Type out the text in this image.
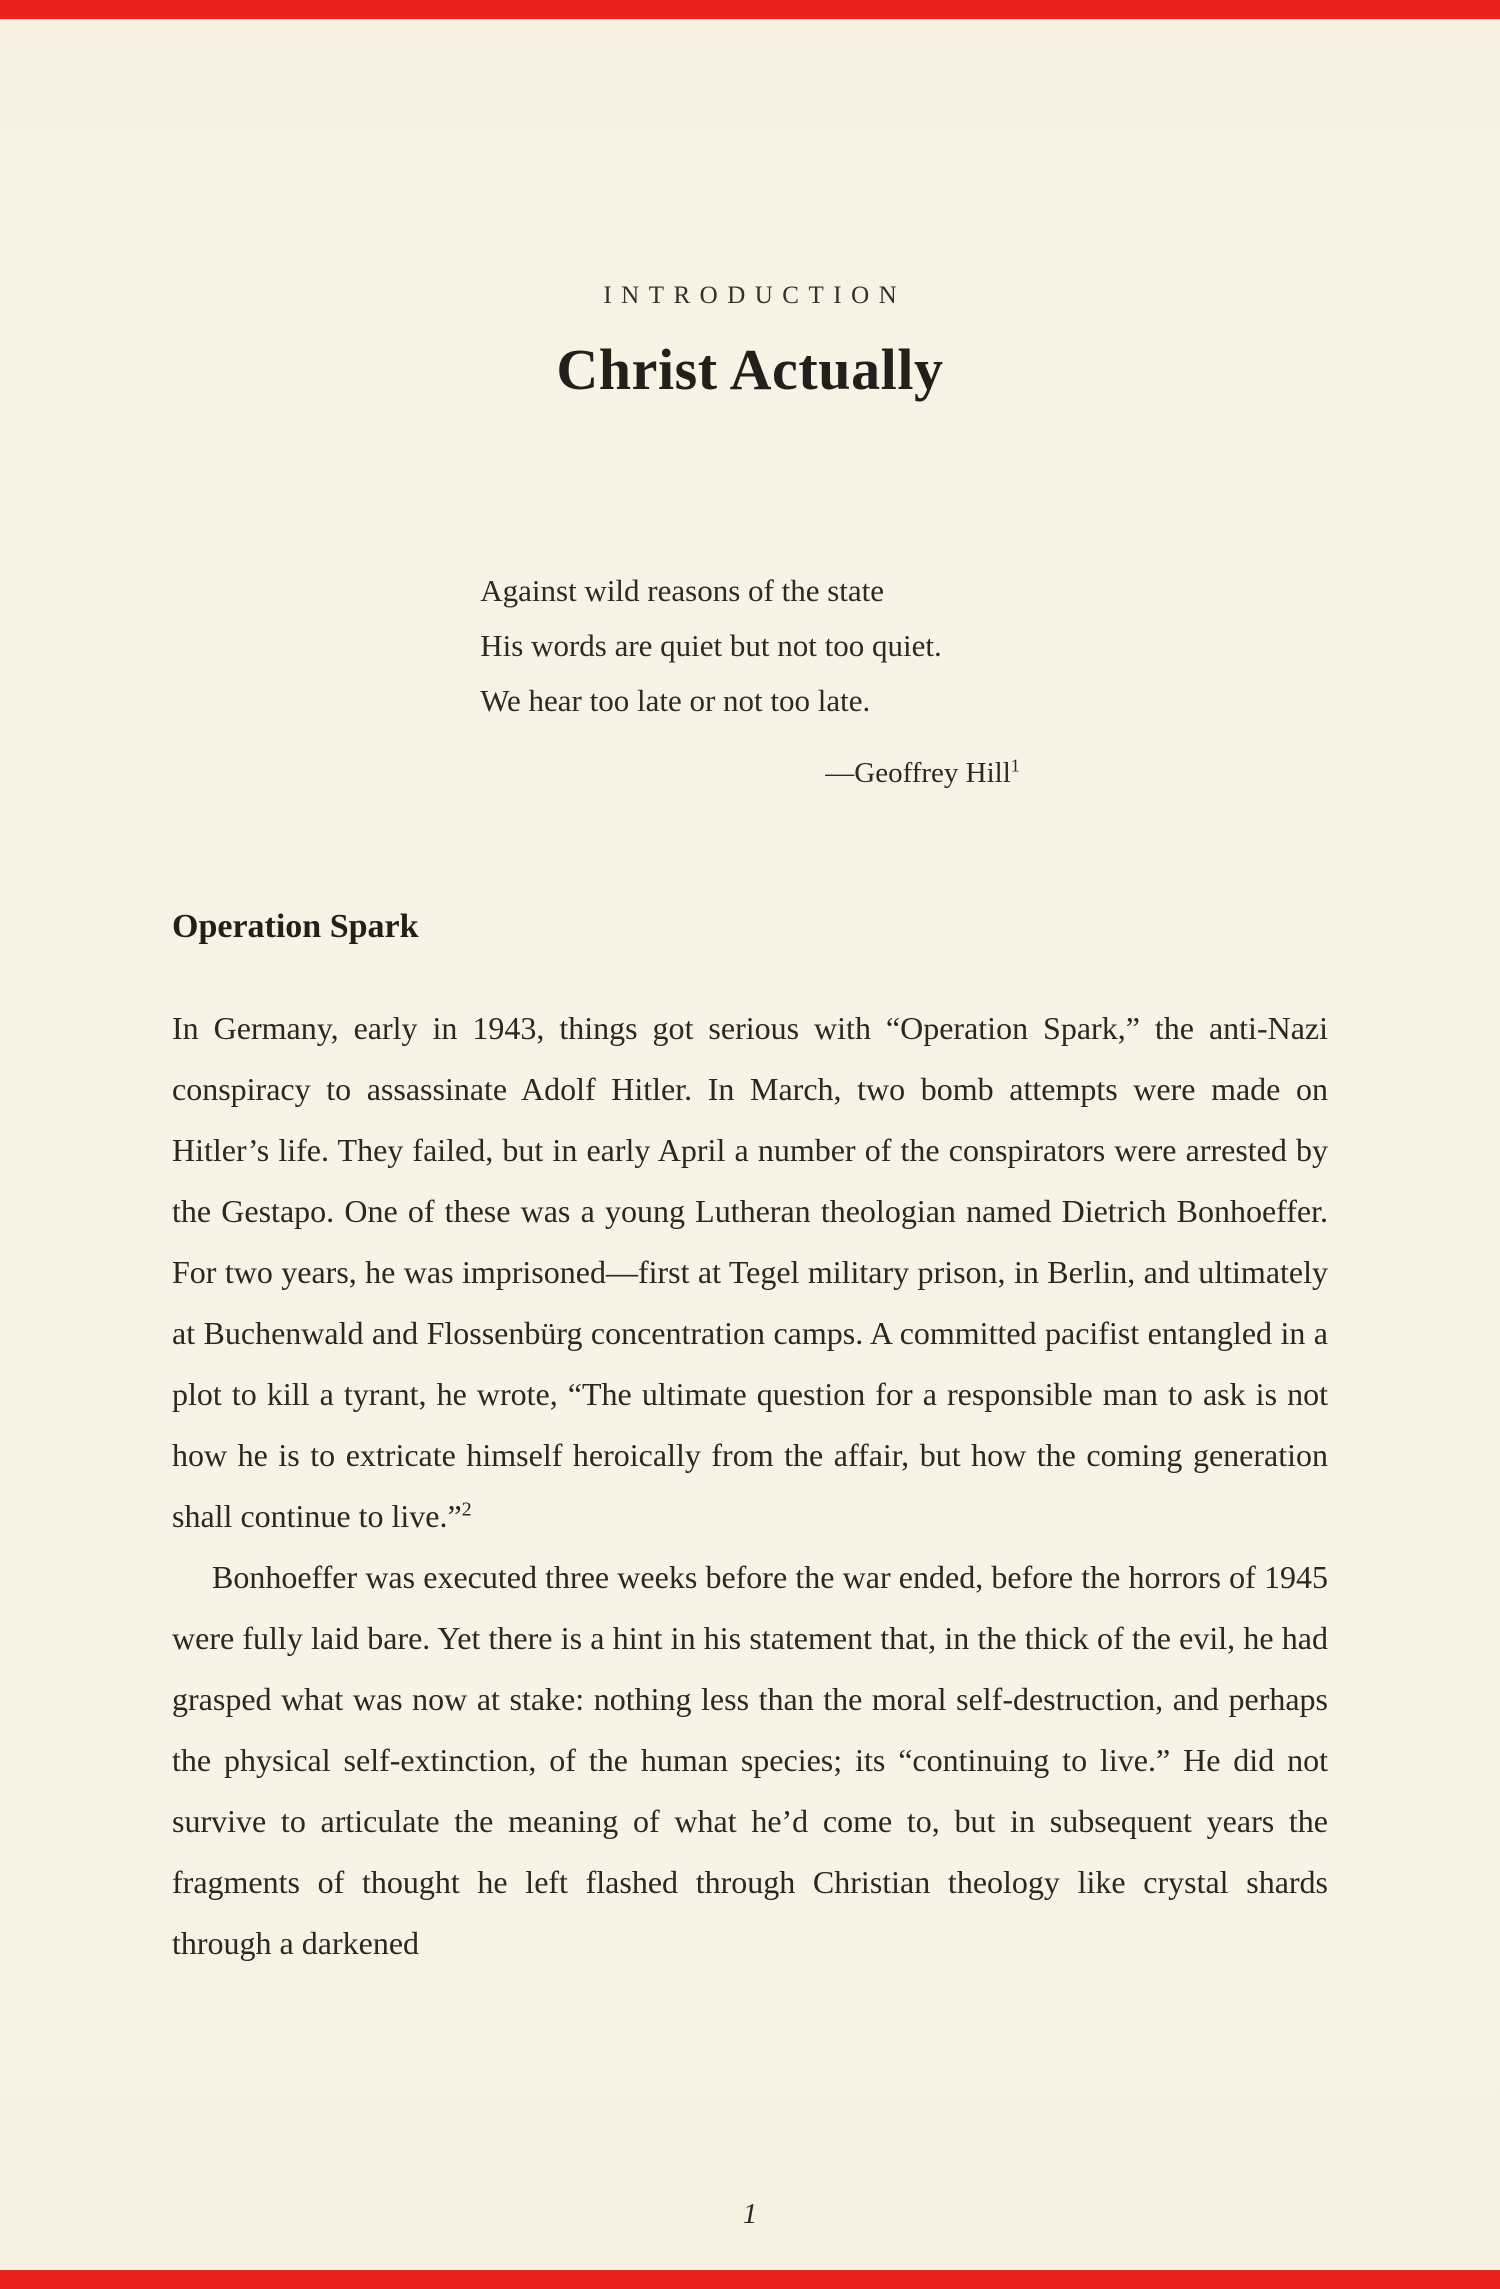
INTRODUCTION
Christ Actually
Against wild reasons of the state
His words are quiet but not too quiet.
We hear too late or not too late.
—Geoffrey Hill$^1$
Operation Spark

In Germany, early in 1943, things got serious with “Operation Spark,” the anti-Nazi conspiracy to assassinate Adolf Hitler. In March, two bomb attempts were made on Hitler’s life. They failed, but in early April a number of the conspirators were arrested by the Gestapo. One of these was a young Lutheran theologian named Dietrich Bonhoeffer. For two years, he was imprisoned—first at Tegel military prison, in Berlin, and ultimately at Buchenwald and Flossenbürg concentration camps. A committed pacifist entangled in a plot to kill a tyrant, he wrote, “The ultimate question for a responsible man to ask is not how he is to extricate himself heroically from the affair, but how the coming generation shall continue to live.”$^2$

Bonhoeffer was executed three weeks before the war ended, before the horrors of 1945 were fully laid bare. Yet there is a hint in his statement that, in the thick of the evil, he had grasped what was now at stake: nothing less than the moral self-destruction, and perhaps the physical self-extinction, of the human species; its “continuing to live.” He did not survive to articulate the meaning of what he’d come to, but in subsequent years the fragments of thought he left flashed through Christian theology like crystal shards through a darkened

1
